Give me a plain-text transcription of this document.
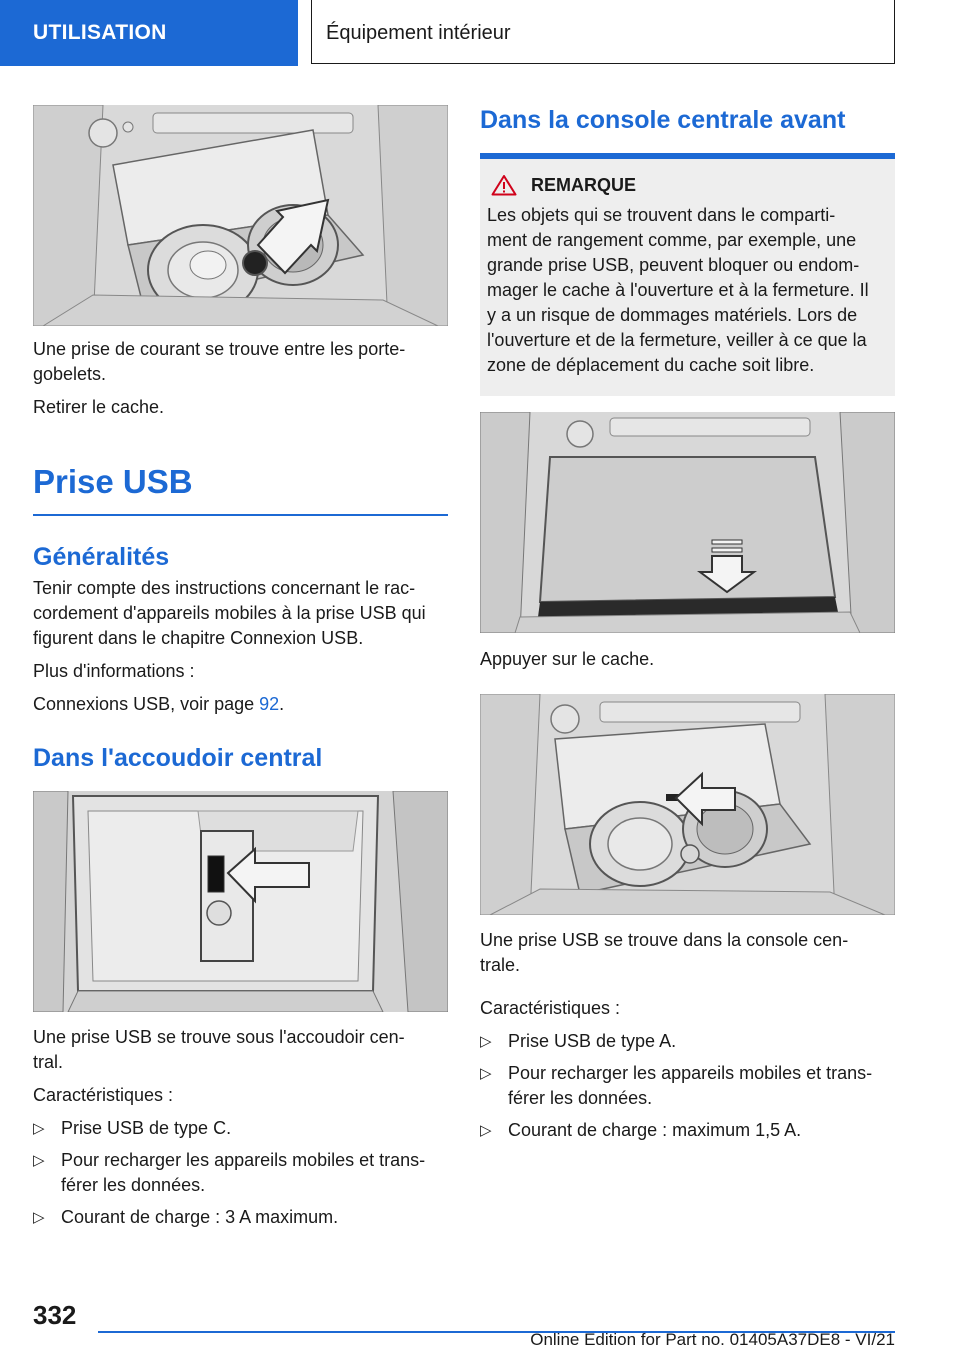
UTILISATION	Équipement intérieur

Une prise de courant se trouve entre les porte-

gobelets.

Retirer le cache.

Prise USB
Généralités

Tenir compte des instructions concernant le rac-

cordement d'appareils mobiles à la prise USB qui

figurent dans le chapitre Connexion USB.

Plus d'informations :

Connexions USB, voir page 92.

Dans l'accoudoir central

Une prise USB se trouve sous l'accoudoir cen-

tral.

Caractéristiques :

▷ Prise USB de type C.
▷ Pour recharger les appareils mobiles et trans-
férer les données.
▷ Courant de charge : 3 A maximum.
Dans la console centrale avant
REMARQUE

Les objets qui se trouvent dans le comparti-

ment de rangement comme, par exemple, une

grande prise USB, peuvent bloquer ou endom-

mager le cache à l'ouverture et à la fermeture. Il

y a un risque de dommages matériels. Lors de

l'ouverture et de la fermeture, veiller à ce que la

zone de déplacement du cache soit libre.

Appuyer sur le cache.

Une prise USB se trouve dans la console cen-

trale.

Caractéristiques :

▷ Prise USB de type A.
▷ Pour recharger les appareils mobiles et trans-
férer les données.
▷ Courant de charge : maximum 1,5 A.
332
Online Edition for Part no. 01405A37DE8 - VI/21
